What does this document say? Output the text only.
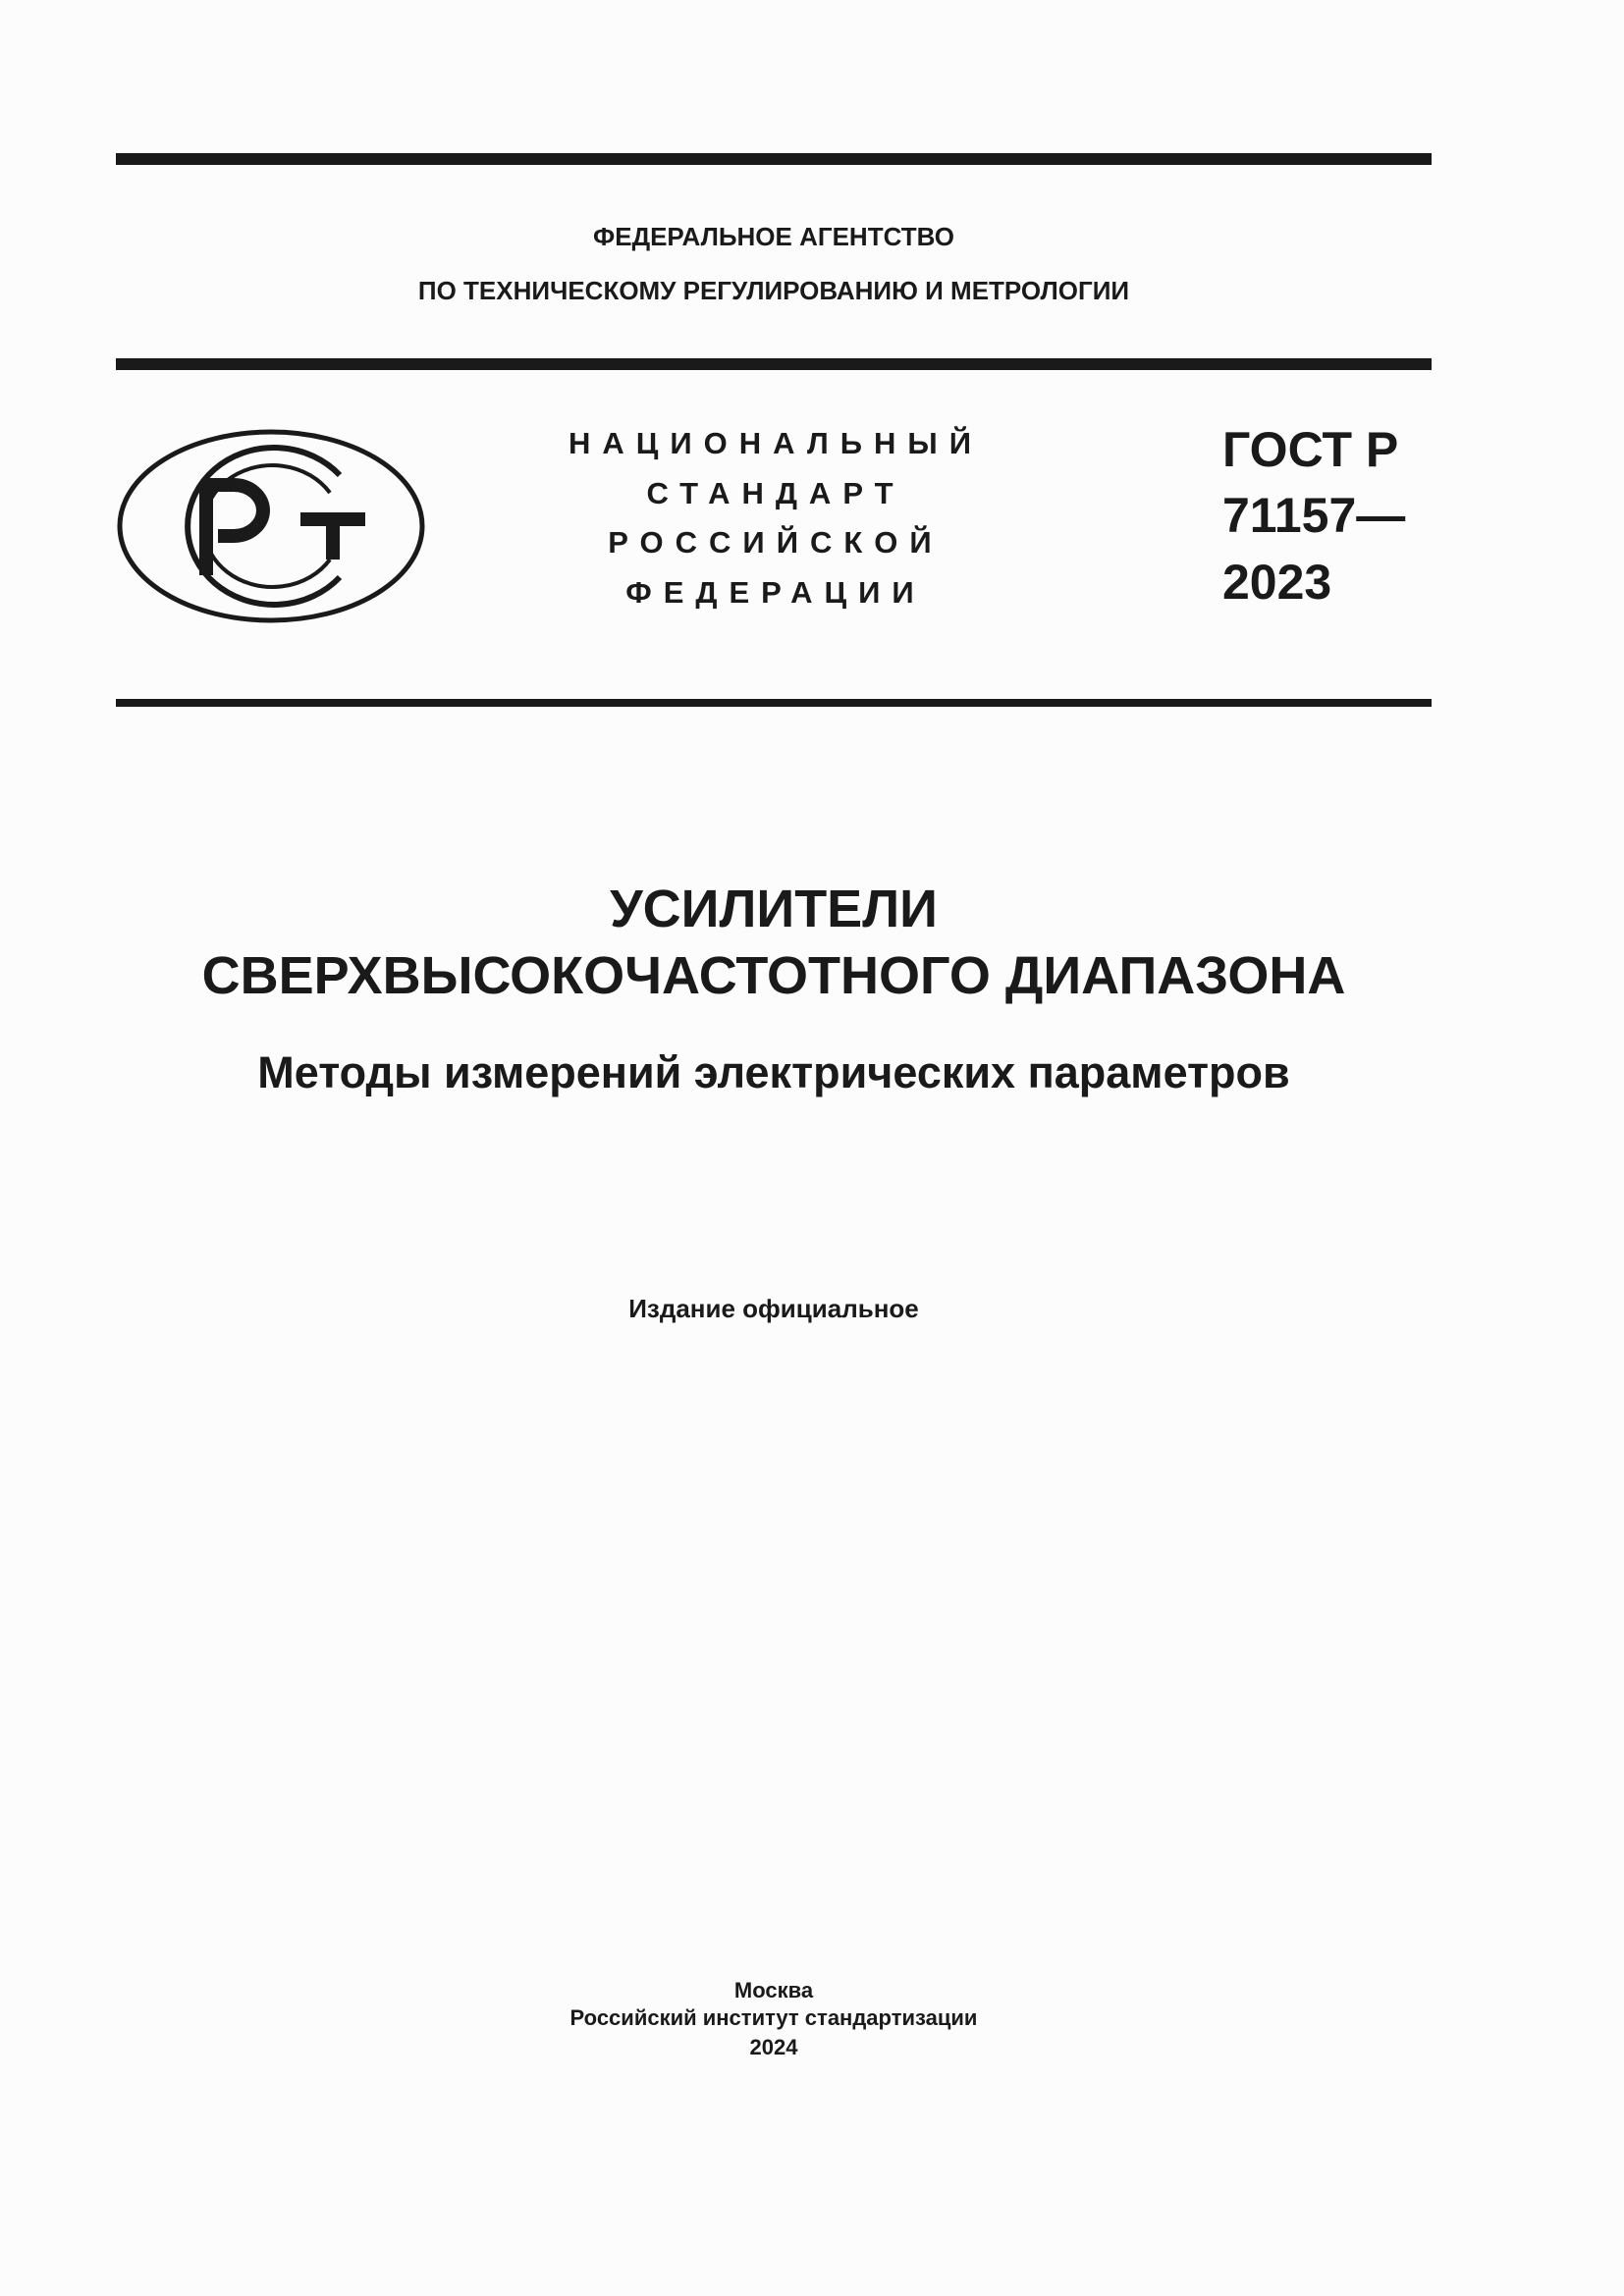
ФЕДЕРАЛЬНОЕ АГЕНТСТВО
ПО ТЕХНИЧЕСКОМУ РЕГУЛИРОВАНИЮ И МЕТРОЛОГИИ
НАЦИОНАЛЬНЫЙ
СТАНДАРТ
РОССИЙСКОЙ
ФЕДЕРАЦИИ
ГОСТ Р
71157—
2023
УСИЛИТЕЛИ
СВЕРХВЫСОКОЧАСТОТНОГО ДИАПАЗОНА
Методы измерений электрических параметров
Издание официальное
Москва
Российский институт стандартизации
2024
